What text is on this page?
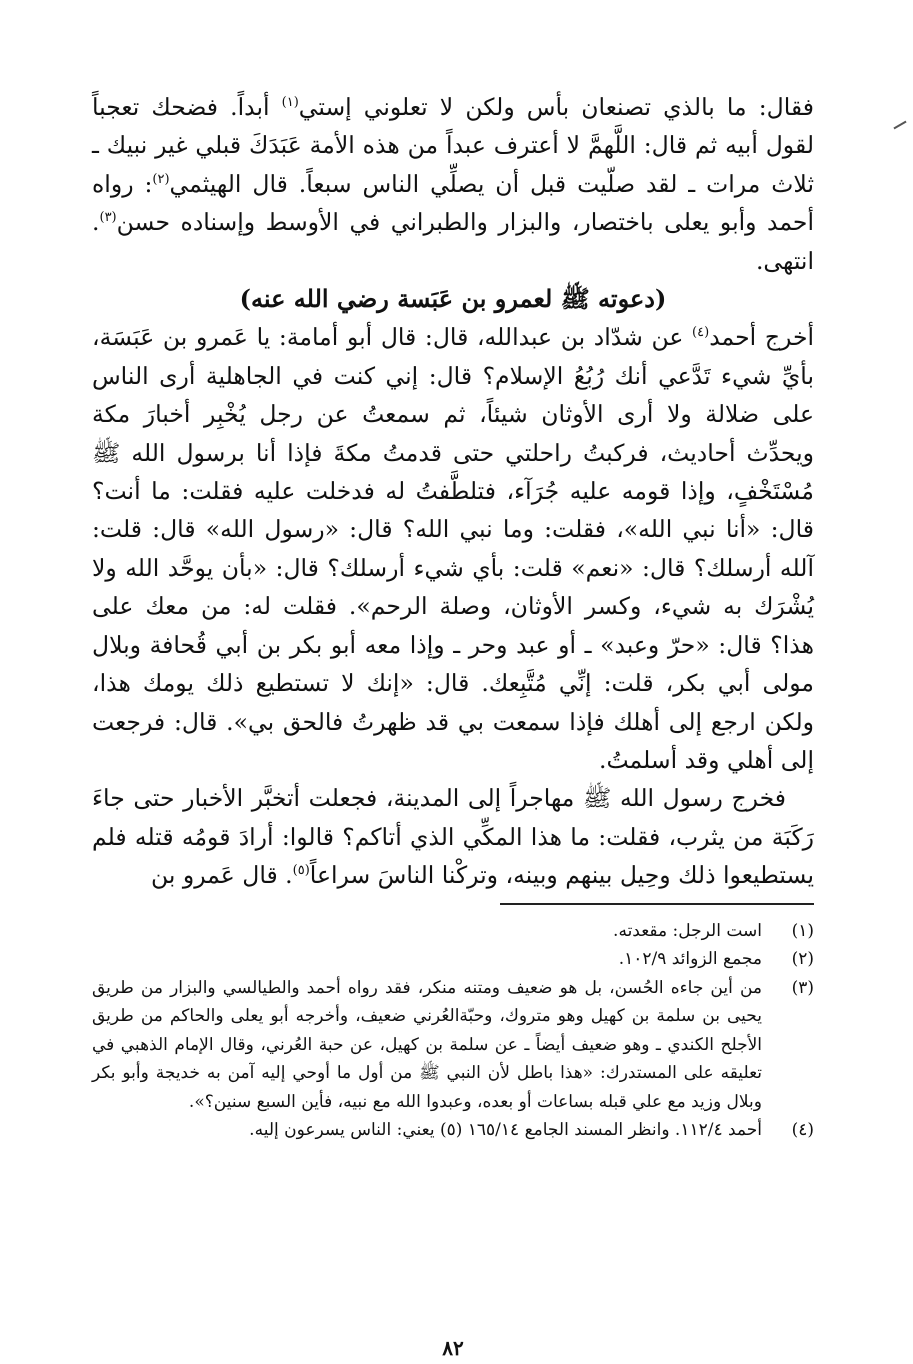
فقال: ما بالذي تصنعان بأس ولكن لا تعلوني إستي$^{(١)}$ أبداً. فضحك تعجباً لقول أبيه ثم قال: اللَّهمَّ لا أعترف عبداً من هذه الأمة عَبَدَكَ قبلي غير نبيك ـ ثلاث مرات ـ لقد صلّيت قبل أن يصلِّي الناس سبعاً. قال الهيثمي$^{(٢)}$: رواه أحمد وأبو يعلى باختصار، والبزار والطبراني في الأوسط وإسناده حسن$^{(٣)}$. انتهى.

(دعوته ﷺ لعمرو بن عَبَسة رضي الله عنه)

أخرج أحمد$^{(٤)}$ عن شدّاد بن عبدالله، قال: قال أبو أمامة: يا عَمرو بن عَبَسَة، بأيِّ شيء تَدَّعي أنك رُبُعُ الإسلام؟ قال: إني كنت في الجاهلية أرى الناس على ضلالة ولا أرى الأوثان شيئاً، ثم سمعتُ عن رجل يُخْبِر أخبارَ مكة ويحدِّث أحاديث، فركبتُ راحلتي حتى قدمتُ مكةَ فإذا أنا برسول الله ﷺ مُسْتَخْفٍ، وإذا قومه عليه جُرَآء، فتلطَّفتُ له فدخلت عليه فقلت: ما أنت؟ قال: «أنا نبي الله»، فقلت: وما نبي الله؟ قال: «رسول الله» قال: قلت: آلله أرسلك؟ قال: «نعم» قلت: بأي شيء أرسلك؟ قال: «بأن يوحَّد الله ولا يُشْرَك به شيء، وكسر الأوثان، وصلة الرحم». فقلت له: من معك على هذا؟ قال: «حرّ وعبد» ـ أو عبد وحر ـ وإذا معه أبو بكر بن أبي قُحافة وبلال مولى أبي بكر، قلت: إنِّي مُتَّبِعك. قال: «إنك لا تستطيع ذلك يومك هذا، ولكن ارجع إلى أهلك فإذا سمعت بي قد ظهرتُ فالحق بي». قال: فرجعت إلى أهلي وقد أسلمتُ.

فخرج رسول الله ﷺ مهاجراً إلى المدينة، فجعلت أتخبَّر الأخبار حتى جاءَ رَكَبَة من يثرب، فقلت: ما هذا المكِّي الذي أتاكم؟ قالوا: أرادَ قومُه قتله فلم يستطيعوا ذلك وحِيل بينهم وبينه، وتركْنا الناسَ سراعاً$^{(٥)}$. قال عَمرو بن

(١)
است الرجل: مقعدته.
(٢)
مجمع الزوائد ١٠٢/٩.
(٣)
من أين جاءه الحُسن، بل هو ضعيف ومتنه منكر، فقد رواه أحمد والطيالسي والبزار من طريق يحيى بن سلمة بن كهيل وهو متروك، وحبّةالعُرني ضعيف، وأخرجه أبو يعلى والحاكم من طريق الأجلح الكندي ـ وهو ضعيف أيضاً ـ عن سلمة بن كهيل، عن حبة العُرني، وقال الإمام الذهبي في تعليقه على المستدرك: «هذا باطل لأن النبي ﷺ من أول ما أوحي إليه آمن به خديجة وأبو بكر وبلال وزيد مع علي قبله بساعات أو بعده، وعبدوا الله مع نبيه، فأين السبع سنين؟».
(٤)
أحمد ١١٢/٤. وانظر المسند الجامع ١٦٥/١٤ (٥) يعني: الناس يسرعون إليه.
٨٢
